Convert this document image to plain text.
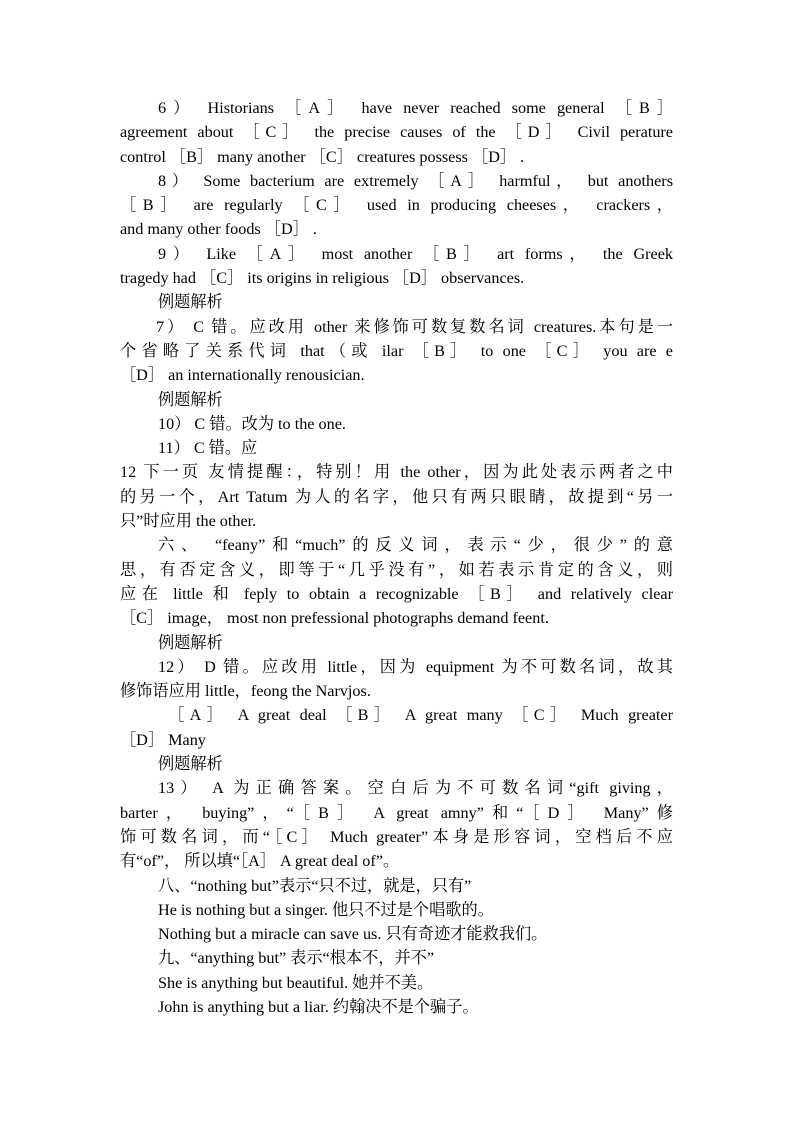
6） Historians ［A］ have never reached some general ［B］
agreement about ［C］ the precise causes of the ［D］ Civil perature
control ［B］ many another ［C］ creatures possess ［D］ .
8） Some bacterium are extremely ［A］ harmful， but anothers
［B］ are regularly ［C］ used in producing cheeses， crackers，
and many other foods ［D］ .
9） Like ［A］ most another ［B］ art forms， the Greek
tragedy had ［C］ its origins in religious ［D］ observances.
例题解析
7） C 错。应改用 other 来修饰可数复数名词 creatures.本句是一
个省略了关系代词 that（或 ilar ［B］ to one ［C］ you are e
［D］ an internationally renousician.
例题解析
10） C 错。改为 to the one.
11） C 错。应
12 下一页 友情提醒：，特别！用 the other，因为此处表示两者之中
的另一个，Art Tatum 为人的名字，他只有两只眼睛，故提到“另一
只”时应用 the other.
六、 “feany”和“much”的反义词，表示“少，很少”的意
思，有否定含义，即等于“几乎没有”，如若表示肯定的含义，则
应在 little 和 feply to obtain a recognizable ［B］ and relatively clear
［C］ image， most non prefessional photographs demand feent.
例题解析
12） D 错。应改用 little，因为 equipment 为不可数名词，故其
修饰语应用 little，feong the Narvjos.
［A］ A great deal ［B］ A great many ［C］ Much greater
［D］ Many
例题解析
13） A 为正确答案。空白后为不可数名词“gift giving，
barter， buying”，“［B］ A great amny”和“［D］ Many”修
饰可数名词，而“［C］ Much greater”本身是形容词，空档后不应
有“of”， 所以填“［A］ A great deal of”。
八、“nothing but”表示“只不过，就是，只有”
He is nothing but a singer. 他只不过是个唱歌的。
Nothing but a miracle can save us. 只有奇迹才能救我们。
九、“anything but” 表示“根本不，并不”
She is anything but beautiful. 她并不美。
John is anything but a liar. 约翰决不是个骗子。
